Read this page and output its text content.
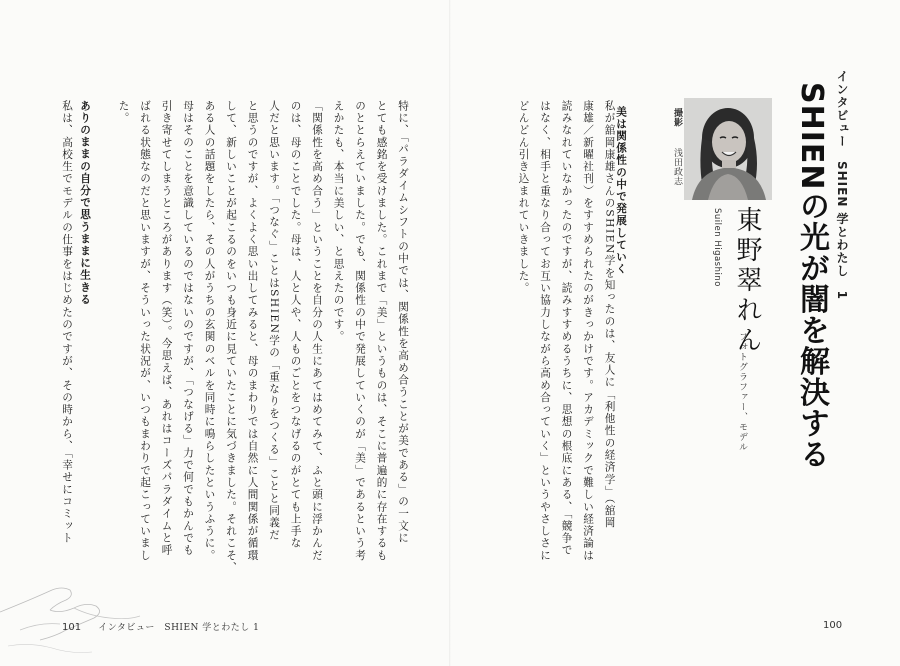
インタビュー　SHIEN 学とわたし　1
SHIENの光が闇を解決する
東野翠れん
Suilen Higashino
フォトグラファー、モデル
撮影 浅田政志
私が舘岡康雄さんのSHIEN学を知ったのは、友人に「利他性の経済学」（舘岡
康雄／新曜社刊）をすすめられたのがきっかけです。アカデミックで難しい経済論は
読みなれていなかったのですが、読みすすめるうちに、思想の根底にある、「競争で
はなく、相手と重なり合ってお互い協力しながら高め合っていく」というやさしさに
どんどん引き込まれていきました。	美は関係性の中で発展していく
100
特に、「パラダイムシフトの中では、関係性を高め合うことが美である」の一文に
とても感銘を受けました。これまで「美」というものは、そこに普遍的に存在するも
のととらえていました。でも、関係性の中で発展していくのが「美」であるという考
えかたも、本当に美しい、と思えたのです。
「関係性を高め合う」ということを自分の人生にあてはめてみて、ふと頭に浮かんだ
のは、母のことでした。母は、人と人や、人ものごとをつなげるのがとても上手な
人だと思います。「つなぐ」ことはSHIEN学の「重なりをつくる」ことと同義だ
と思うのですが、よくよく思い出してみると、母のまわりでは自然に人間関係が循環
して、新しいことが起こるのをいつも身近に見ていたことに気づきました。それこそ、
ある人の話題をしたら、その人がうちの玄関のベルを同時に鳴らしたというふうに。
母はそのことを意識しているのではないのですが、「つなげる」力で何でもかんでも
引き寄せてしまうところがあります（笑）。今思えば、あれはコーズパラダイムと呼
ばれる状態なのだと思いますが、そういった状況が、いつもまわりで起こっていまし
た。
ありのままの自分で思うままに生きる
私は、高校生でモデルの仕事をはじめたのですが、その時から、「幸せにコミット
101 インタビュー　SHIEN 学とわたし 1
